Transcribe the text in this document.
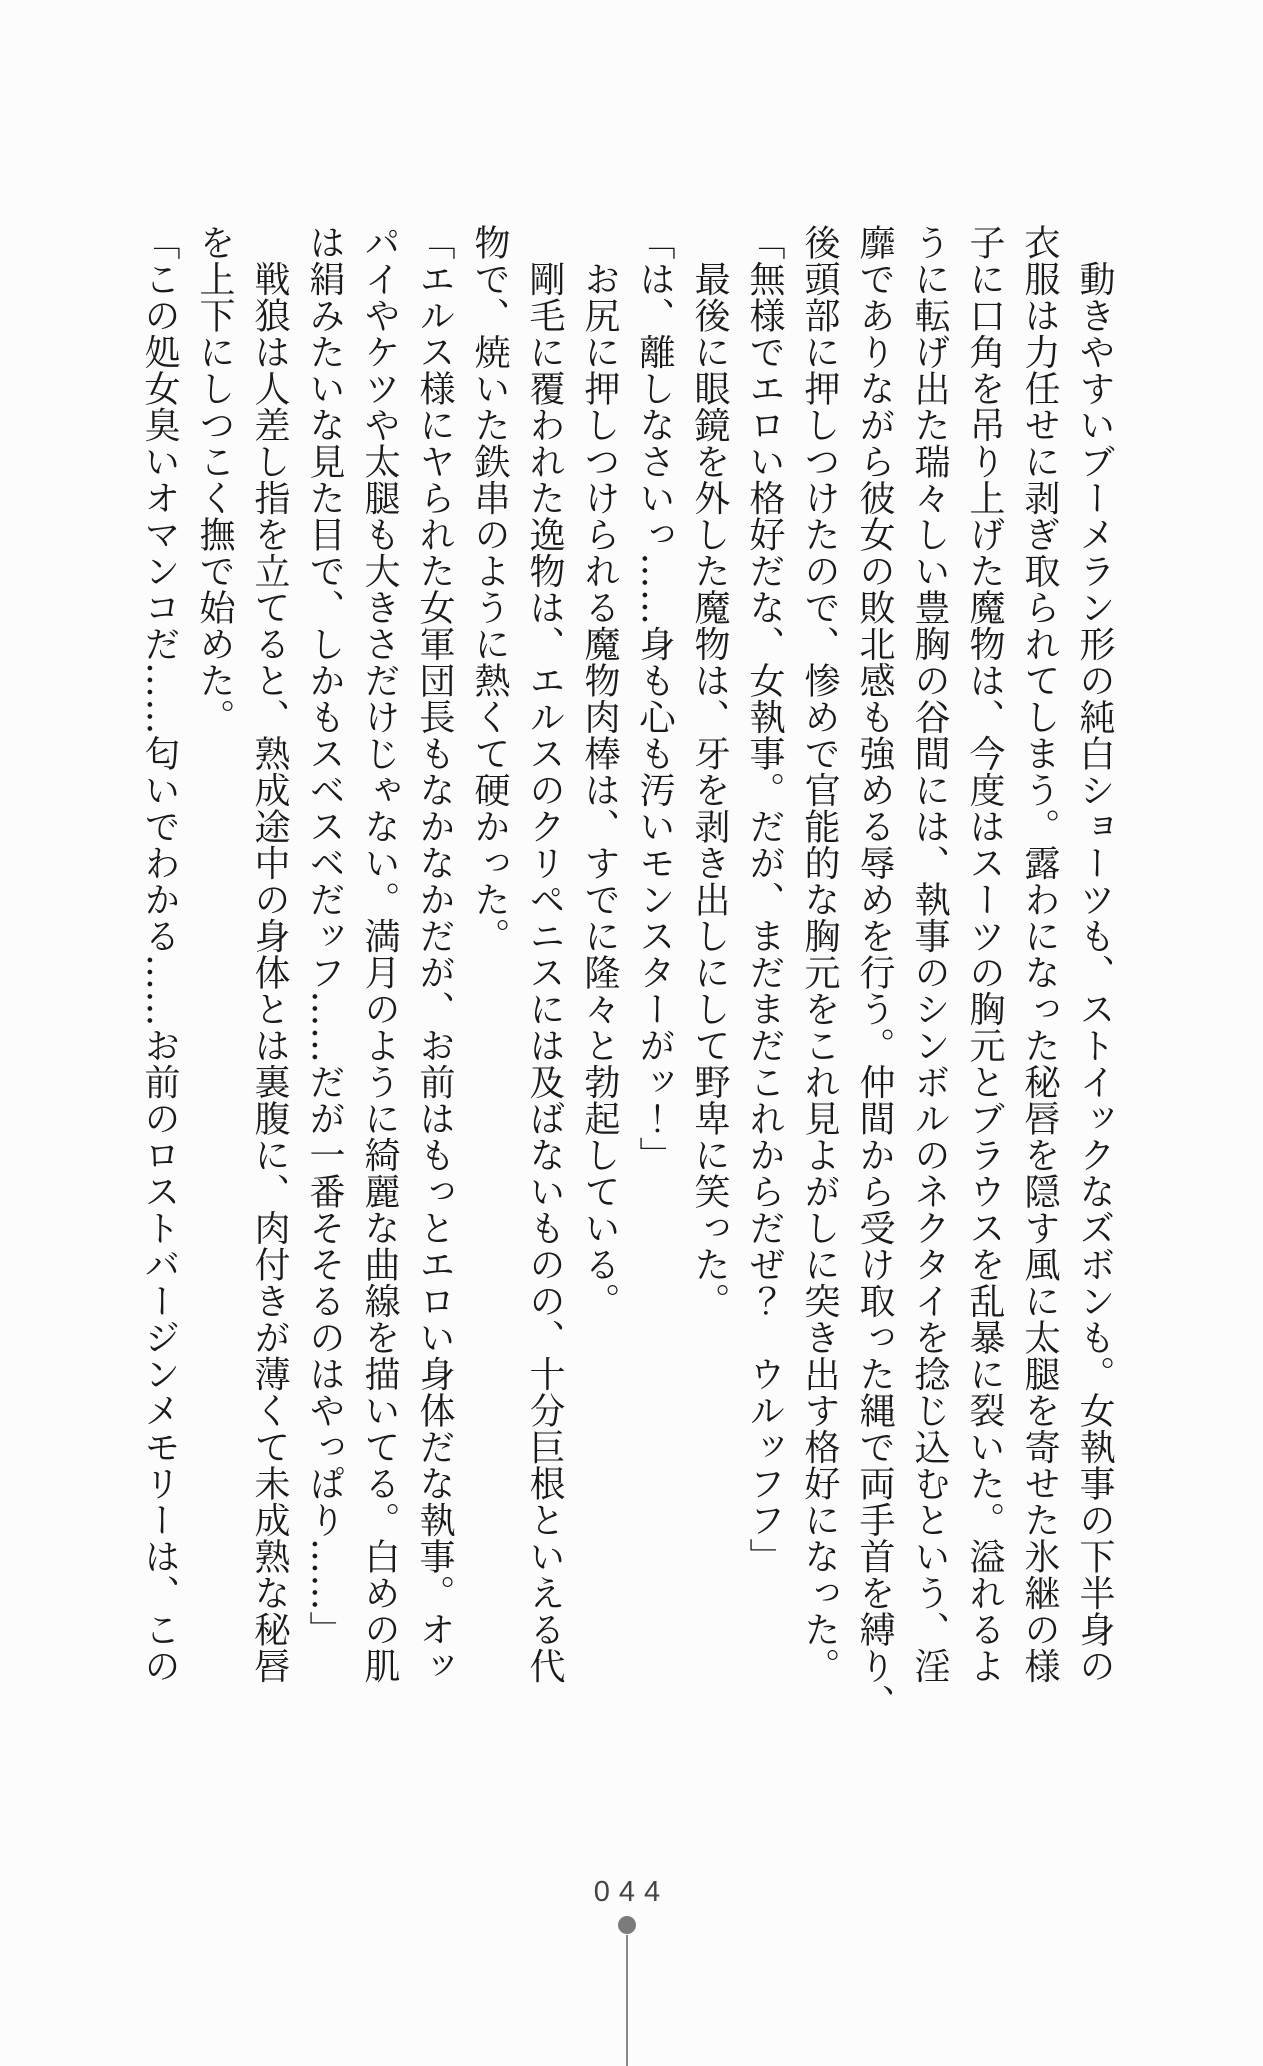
　動きやすいブーメラン形の純白ショーツも、ストイックなズボンも。女執事の下半身の

衣服は力任せに剥ぎ取られてしまう。露わになった秘唇を隠す風に太腿を寄せた氷継の様

子に口角を吊り上げた魔物は、今度はスーツの胸元とブラウスを乱暴に裂いた。溢れるよ

うに転げ出た瑞々しい豊胸の谷間には、執事のシンボルのネクタイを捻じ込むという、淫

靡でありながら彼女の敗北感も強める辱めを行う。仲間から受け取った縄で両手首を縛り、

後頭部に押しつけたので、惨めで官能的な胸元をこれ見よがしに突き出す格好になった。

「無様でエロい格好だな、女執事。だが、まだまだこれからだぜ？　ウルッフフ」

　最後に眼鏡を外した魔物は、牙を剥き出しにして野卑に笑った。

「は、離しなさいっ……身も心も汚いモンスターがッ！」

　お尻に押しつけられる魔物肉棒は、すでに隆々と勃起している。

　剛毛に覆われた逸物は、エルスのクリペニスには及ばないものの、十分巨根といえる代

物で、焼いた鉄串のように熱くて硬かった。

「エルス様にヤられた女軍団長もなかなかだが、お前はもっとエロい身体だな執事。オッ

パイやケツや太腿も大きさだけじゃない。満月のように綺麗な曲線を描いてる。白めの肌

は絹みたいな見た目で、しかもスベスベだッフ……だが一番そそるのはやっぱり……」

　戦狼は人差し指を立てると、熟成途中の身体とは裏腹に、肉付きが薄くて未成熟な秘唇

を上下にしつこく撫で始めた。

「この処女臭いオマンコだ……匂いでわかる……お前のロストバージンメモリーは、この

044
